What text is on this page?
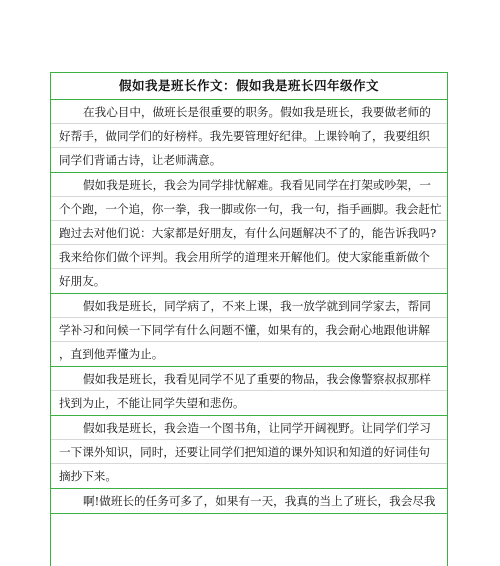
假如我是班长作文：假如我是班长四年级作文
在我心目中，做班长是很重要的职务。假如我是班长，我要做老师的
好帮手，做同学们的好榜样。我先要管理好纪律。上课铃响了，我要组织
同学们背诵古诗，让老师满意。
假如我是班长，我会为同学排忧解难。我看见同学在打架或吵架，一
个个跑，一个追，你一拳，我一脚或你一句，我一句，指手画脚。我会赶忙
跑过去对他们说：大家都是好朋友，有什么问题解决不了的，能告诉我吗?
我来给你们做个评判。我会用所学的道理来开解他们。使大家能重新做个
好朋友。
假如我是班长，同学病了，不来上课，我一放学就到同学家去，帮同
学补习和问候一下同学有什么问题不懂，如果有的，我会耐心地跟他讲解
，直到他弄懂为止。
假如我是班长，我看见同学不见了重要的物品，我会像警察叔叔那样
找到为止，不能让同学失望和悲伤。
假如我是班长，我会造一个图书角，让同学开阔视野。让同学们学习
一下课外知识，同时，还要让同学们把知道的课外知识和知道的好词佳句
摘抄下来。
啊!做班长的任务可多了，如果有一天，我真的当上了班长，我会尽我
